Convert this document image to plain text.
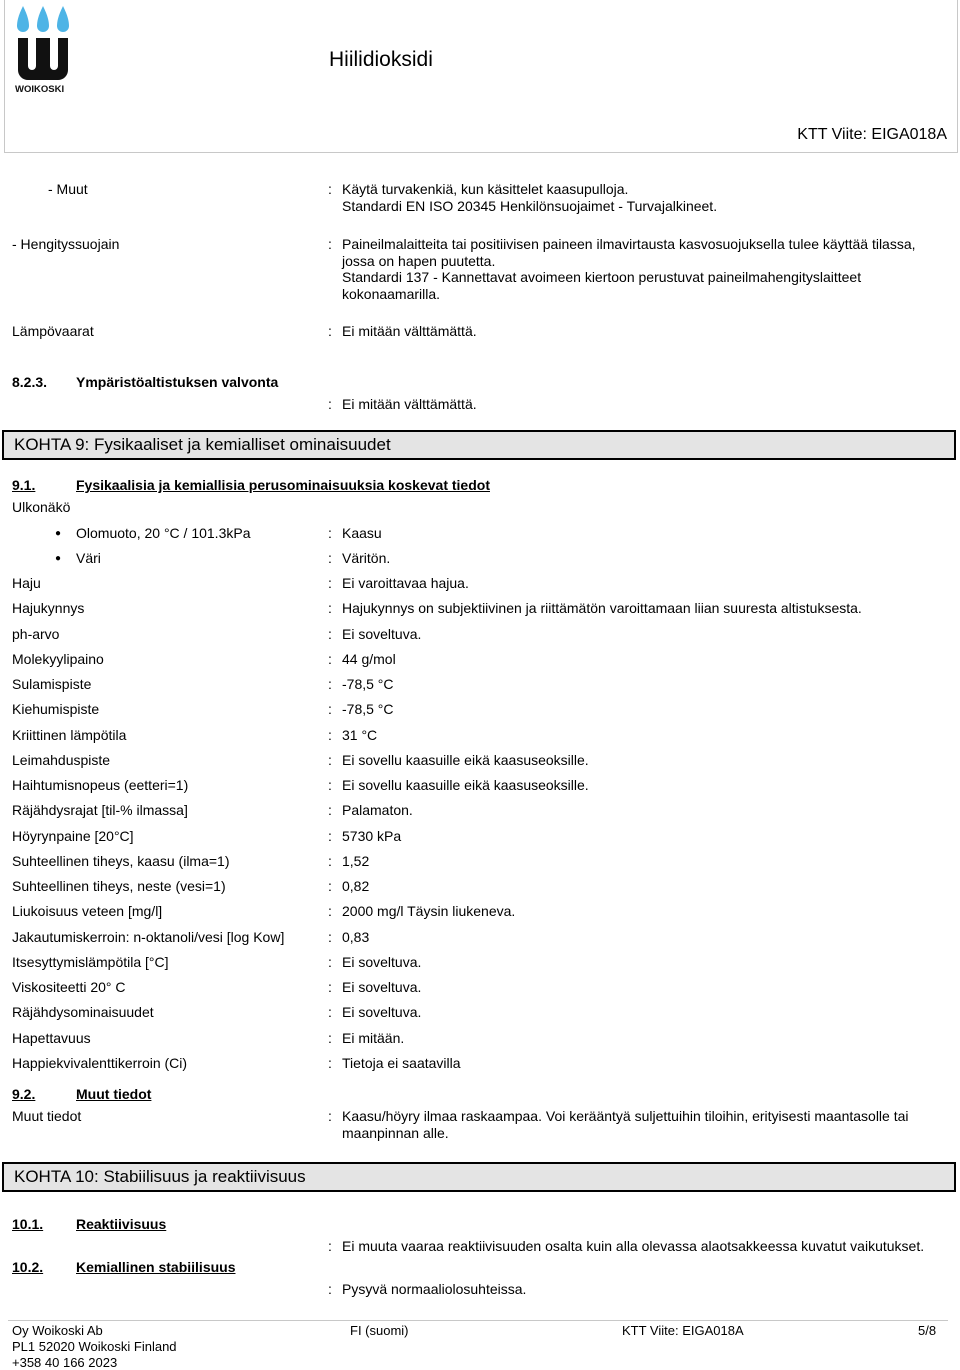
WOIKOSKI
Hiilidioksidi
KTT Viite: EIGA018A
- Muut	: Käytä turvakenkiä, kun käsittelet kaasupulloja.
Standardi EN ISO 20345 Henkilönsuojaimet - Turvajalkineet.
- Hengityssuojain	: Paineilmalaitteita tai positiivisen paineen ilmavirtausta kasvosuojuksella tulee käyttää tilassa,
jossa on hapen puutetta.
Standardi 137 - Kannettavat avoimeen kiertoon perustuvat paineilmahengityslaitteet
kokonaamarilla.
Lämpövaarat	: Ei mitään välttämättä.
8.2.3. Ympäristöaltistuksen valvonta
: Ei mitään välttämättä.
KOHTA 9: Fysikaaliset ja kemialliset ominaisuudet
9.1.	Fysikaalisia ja kemiallisia perusominaisuuksia koskevat tiedot
Ulkonäkö
● Olomuoto, 20 °C / 101.3kPa	: Kaasu
● Väri	: Väritön.
Haju	: Ei varoittavaa hajua.
Hajukynnys	: Hajukynnys on subjektiivinen ja riittämätön varoittamaan liian suuresta altistuksesta.
ph-arvo	: Ei soveltuva.
Molekyylipaino	: 44 g/mol
Sulamispiste	: -78,5 °C
Kiehumispiste	: -78,5 °C
Kriittinen lämpötila	: 31 °C
Leimahduspiste	: Ei sovellu kaasuille eikä kaasuseoksille.
Haihtumisnopeus (eetteri=1)	: Ei sovellu kaasuille eikä kaasuseoksille.
Räjähdysrajat [til-% ilmassa]	: Palamaton.
Höyrynpaine [20°C]	: 5730 kPa
Suhteellinen tiheys, kaasu (ilma=1)	: 1,52
Suhteellinen tiheys, neste (vesi=1)	: 0,82
Liukoisuus veteen [mg/l]	: 2000 mg/l Täysin liukeneva.
Jakautumiskerroin: n-oktanoli/vesi [log Kow]	: 0,83
Itsesyttymislämpötila [°C]	: Ei soveltuva.
Viskositeetti 20° C	: Ei soveltuva.
Räjähdysominaisuudet	: Ei soveltuva.
Hapettavuus	: Ei mitään.
Happiekvivalenttikerroin (Ci)	: Tietoja ei saatavilla
9.2.	Muut tiedot
Muut tiedot	: Kaasu/höyry ilmaa raskaampaa. Voi kerääntyä suljettuihin tiloihin, erityisesti maantasolle tai
maanpinnan alle.
KOHTA 10: Stabiilisuus ja reaktiivisuus
10.1. Reaktiivisuus
: Ei muuta vaaraa reaktiivisuuden osalta kuin alla olevassa alaotsakkeessa kuvatut vaikutukset.
10.2. Kemiallinen stabiilisuus
: Pysyvä normaaliolosuhteissa.
Oy Woikoski Ab
PL1 52020 Woikoski Finland
+358 40 166 2023
FI (suomi)	KTT Viite: EIGA018A	5/8
